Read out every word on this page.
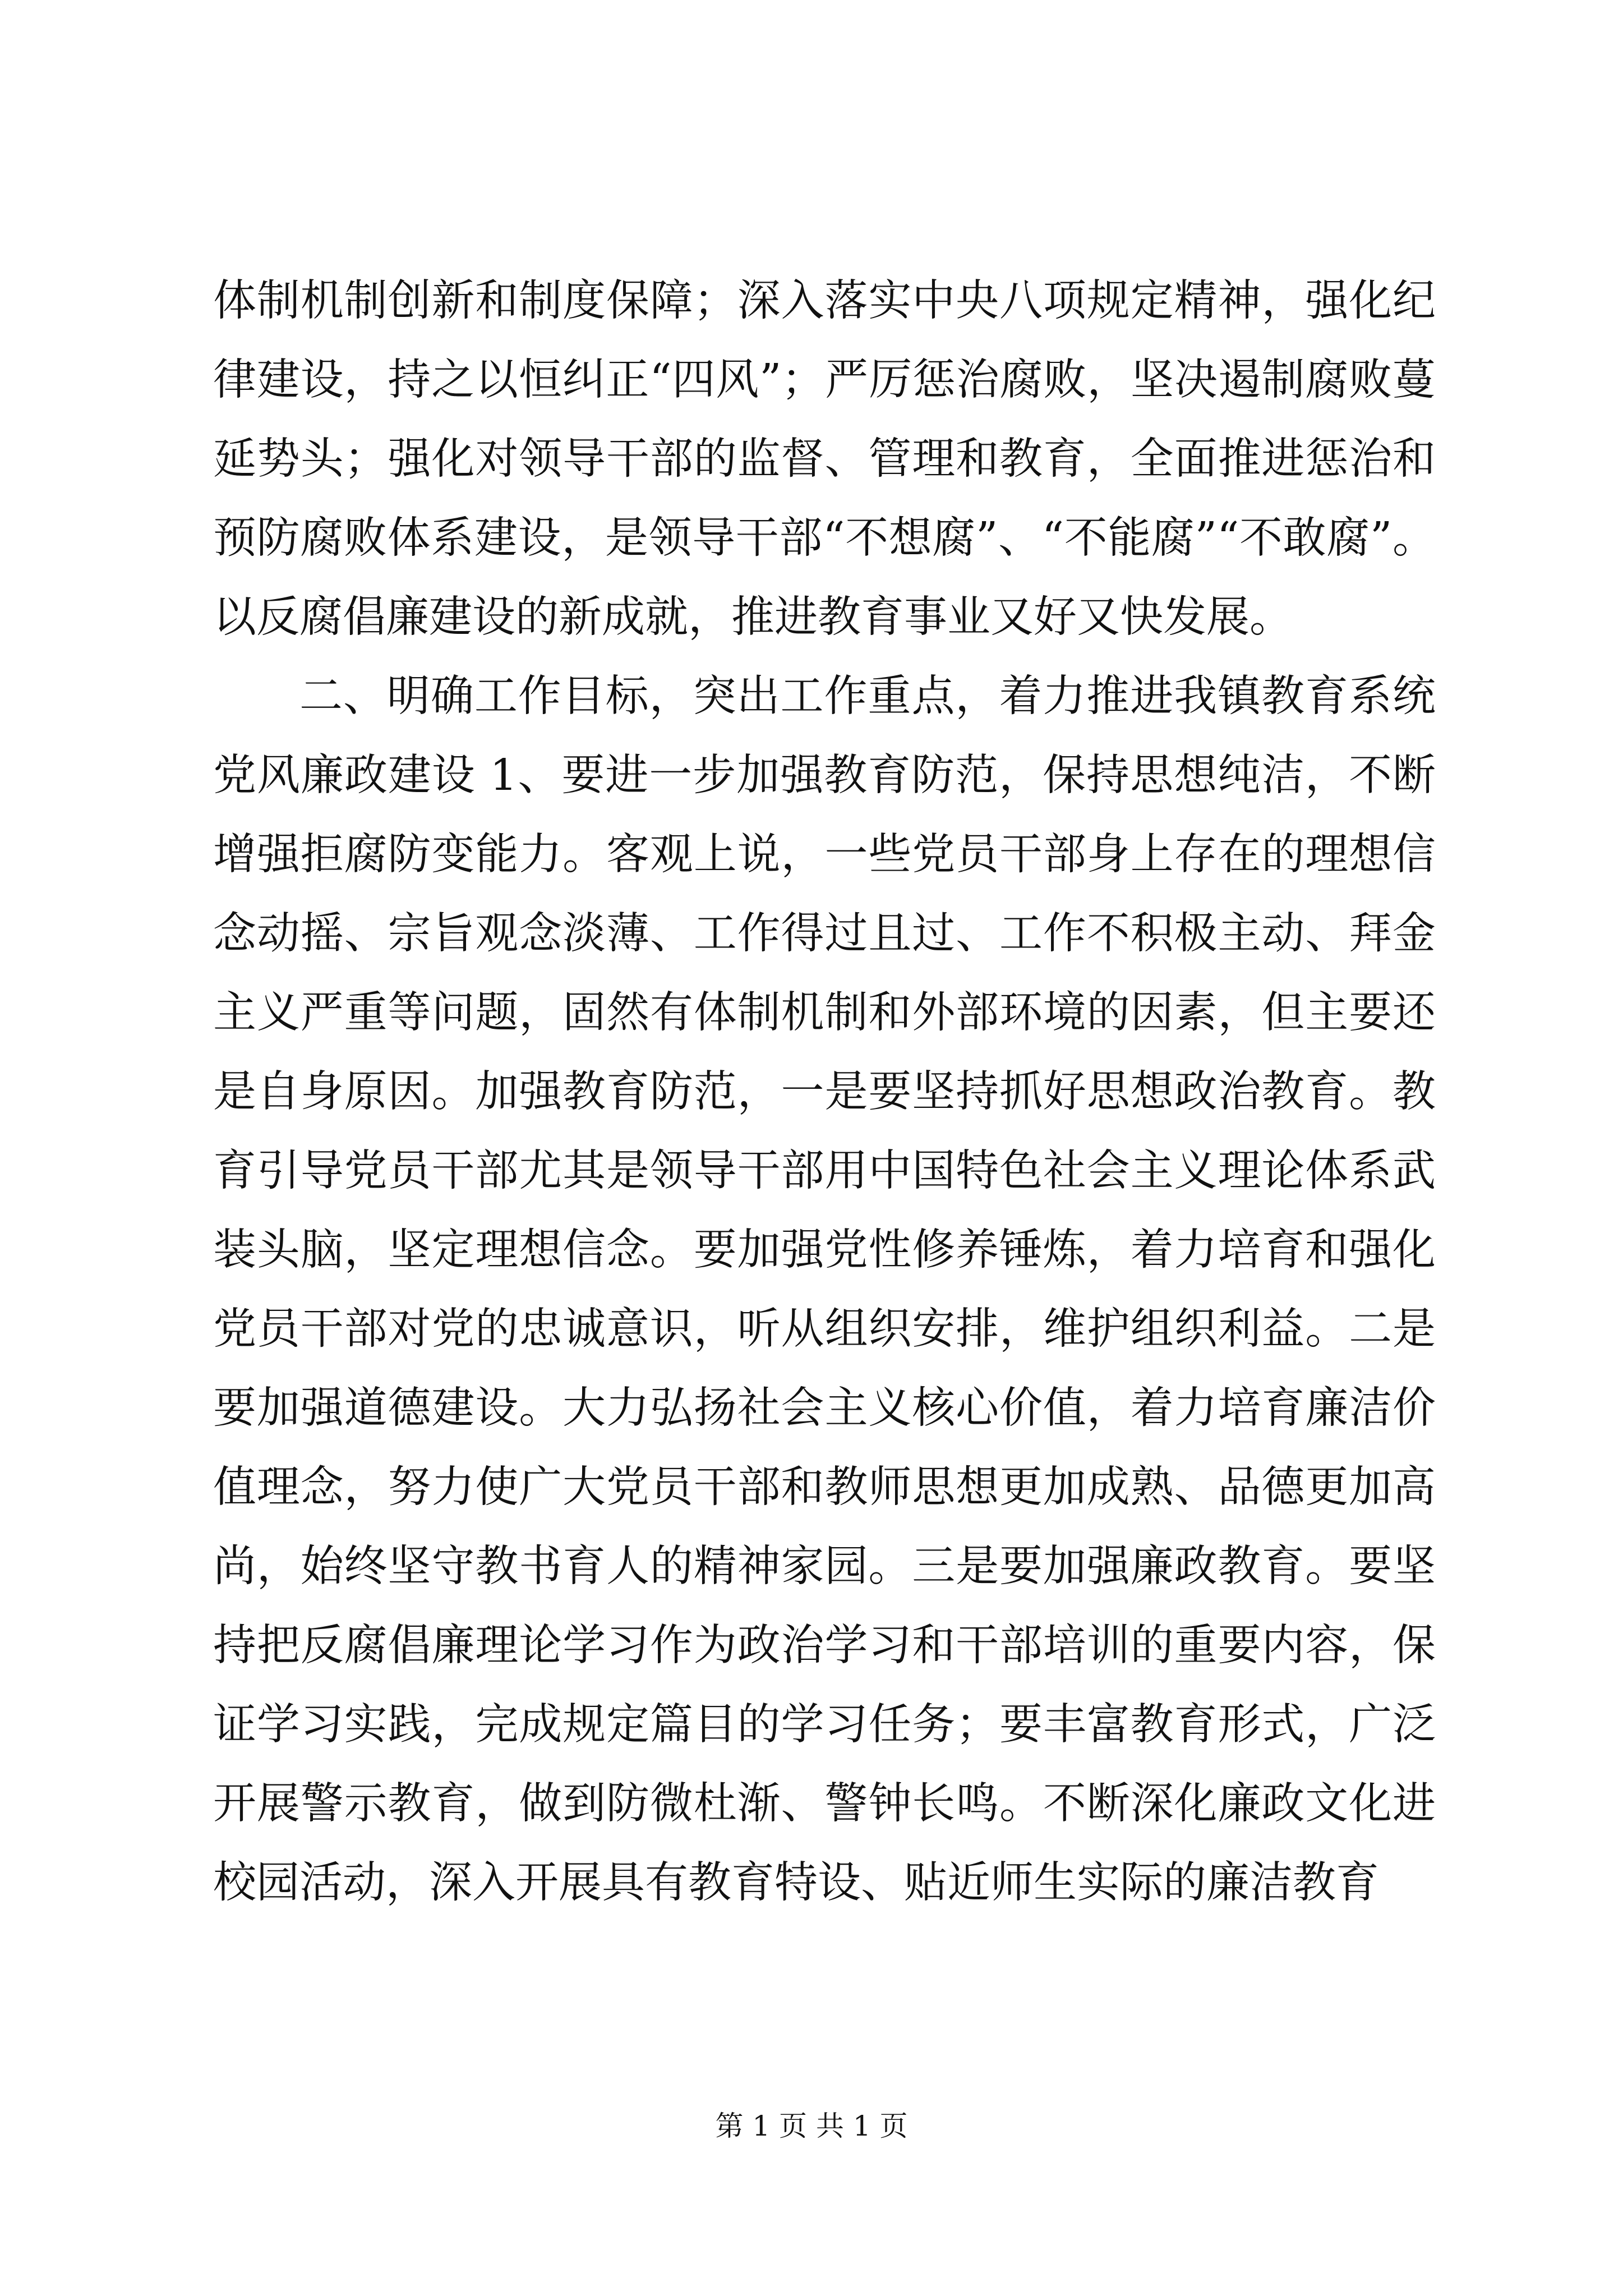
体制机制创新和制度保障；深入落实中央八项规定精神，强化纪律建设，持之以恒纠正“四风”；严厉惩治腐败，坚决遏制腐败蔓延势头；强化对领导干部的监督、管理和教育，全面推进惩治和预防腐败体系建设，是领导干部“不想腐”、“不能腐”“不敢腐”。以反腐倡廉建设的新成就，推进教育事业又好又快发展。

二、明确工作目标，突出工作重点，着力推进我镇教育系统党风廉政建设 1、要进一步加强教育防范，保持思想纯洁，不断增强拒腐防变能力。客观上说，一些党员干部身上存在的理想信念动摇、宗旨观念淡薄、工作得过且过、工作不积极主动、拜金主义严重等问题，固然有体制机制和外部环境的因素，但主要还是自身原因。加强教育防范，一是要坚持抓好思想政治教育。教育引导党员干部尤其是领导干部用中国特色社会主义理论体系武装头脑，坚定理想信念。要加强党性修养锤炼，着力培育和强化党员干部对党的忠诚意识，听从组织安排，维护组织利益。二是要加强道德建设。大力弘扬社会主义核心价值，着力培育廉洁价值理念，努力使广大党员干部和教师思想更加成熟、品德更加高尚，始终坚守教书育人的精神家园。三是要加强廉政教育。要坚持把反腐倡廉理论学习作为政治学习和干部培训的重要内容，保证学习实践，完成规定篇目的学习任务；要丰富教育形式，广泛开展警示教育，做到防微杜渐、警钟长鸣。不断深化廉政文化进校园活动，深入开展具有教育特设、贴近师生实际的廉洁教育

第 1 页 共 1 页
